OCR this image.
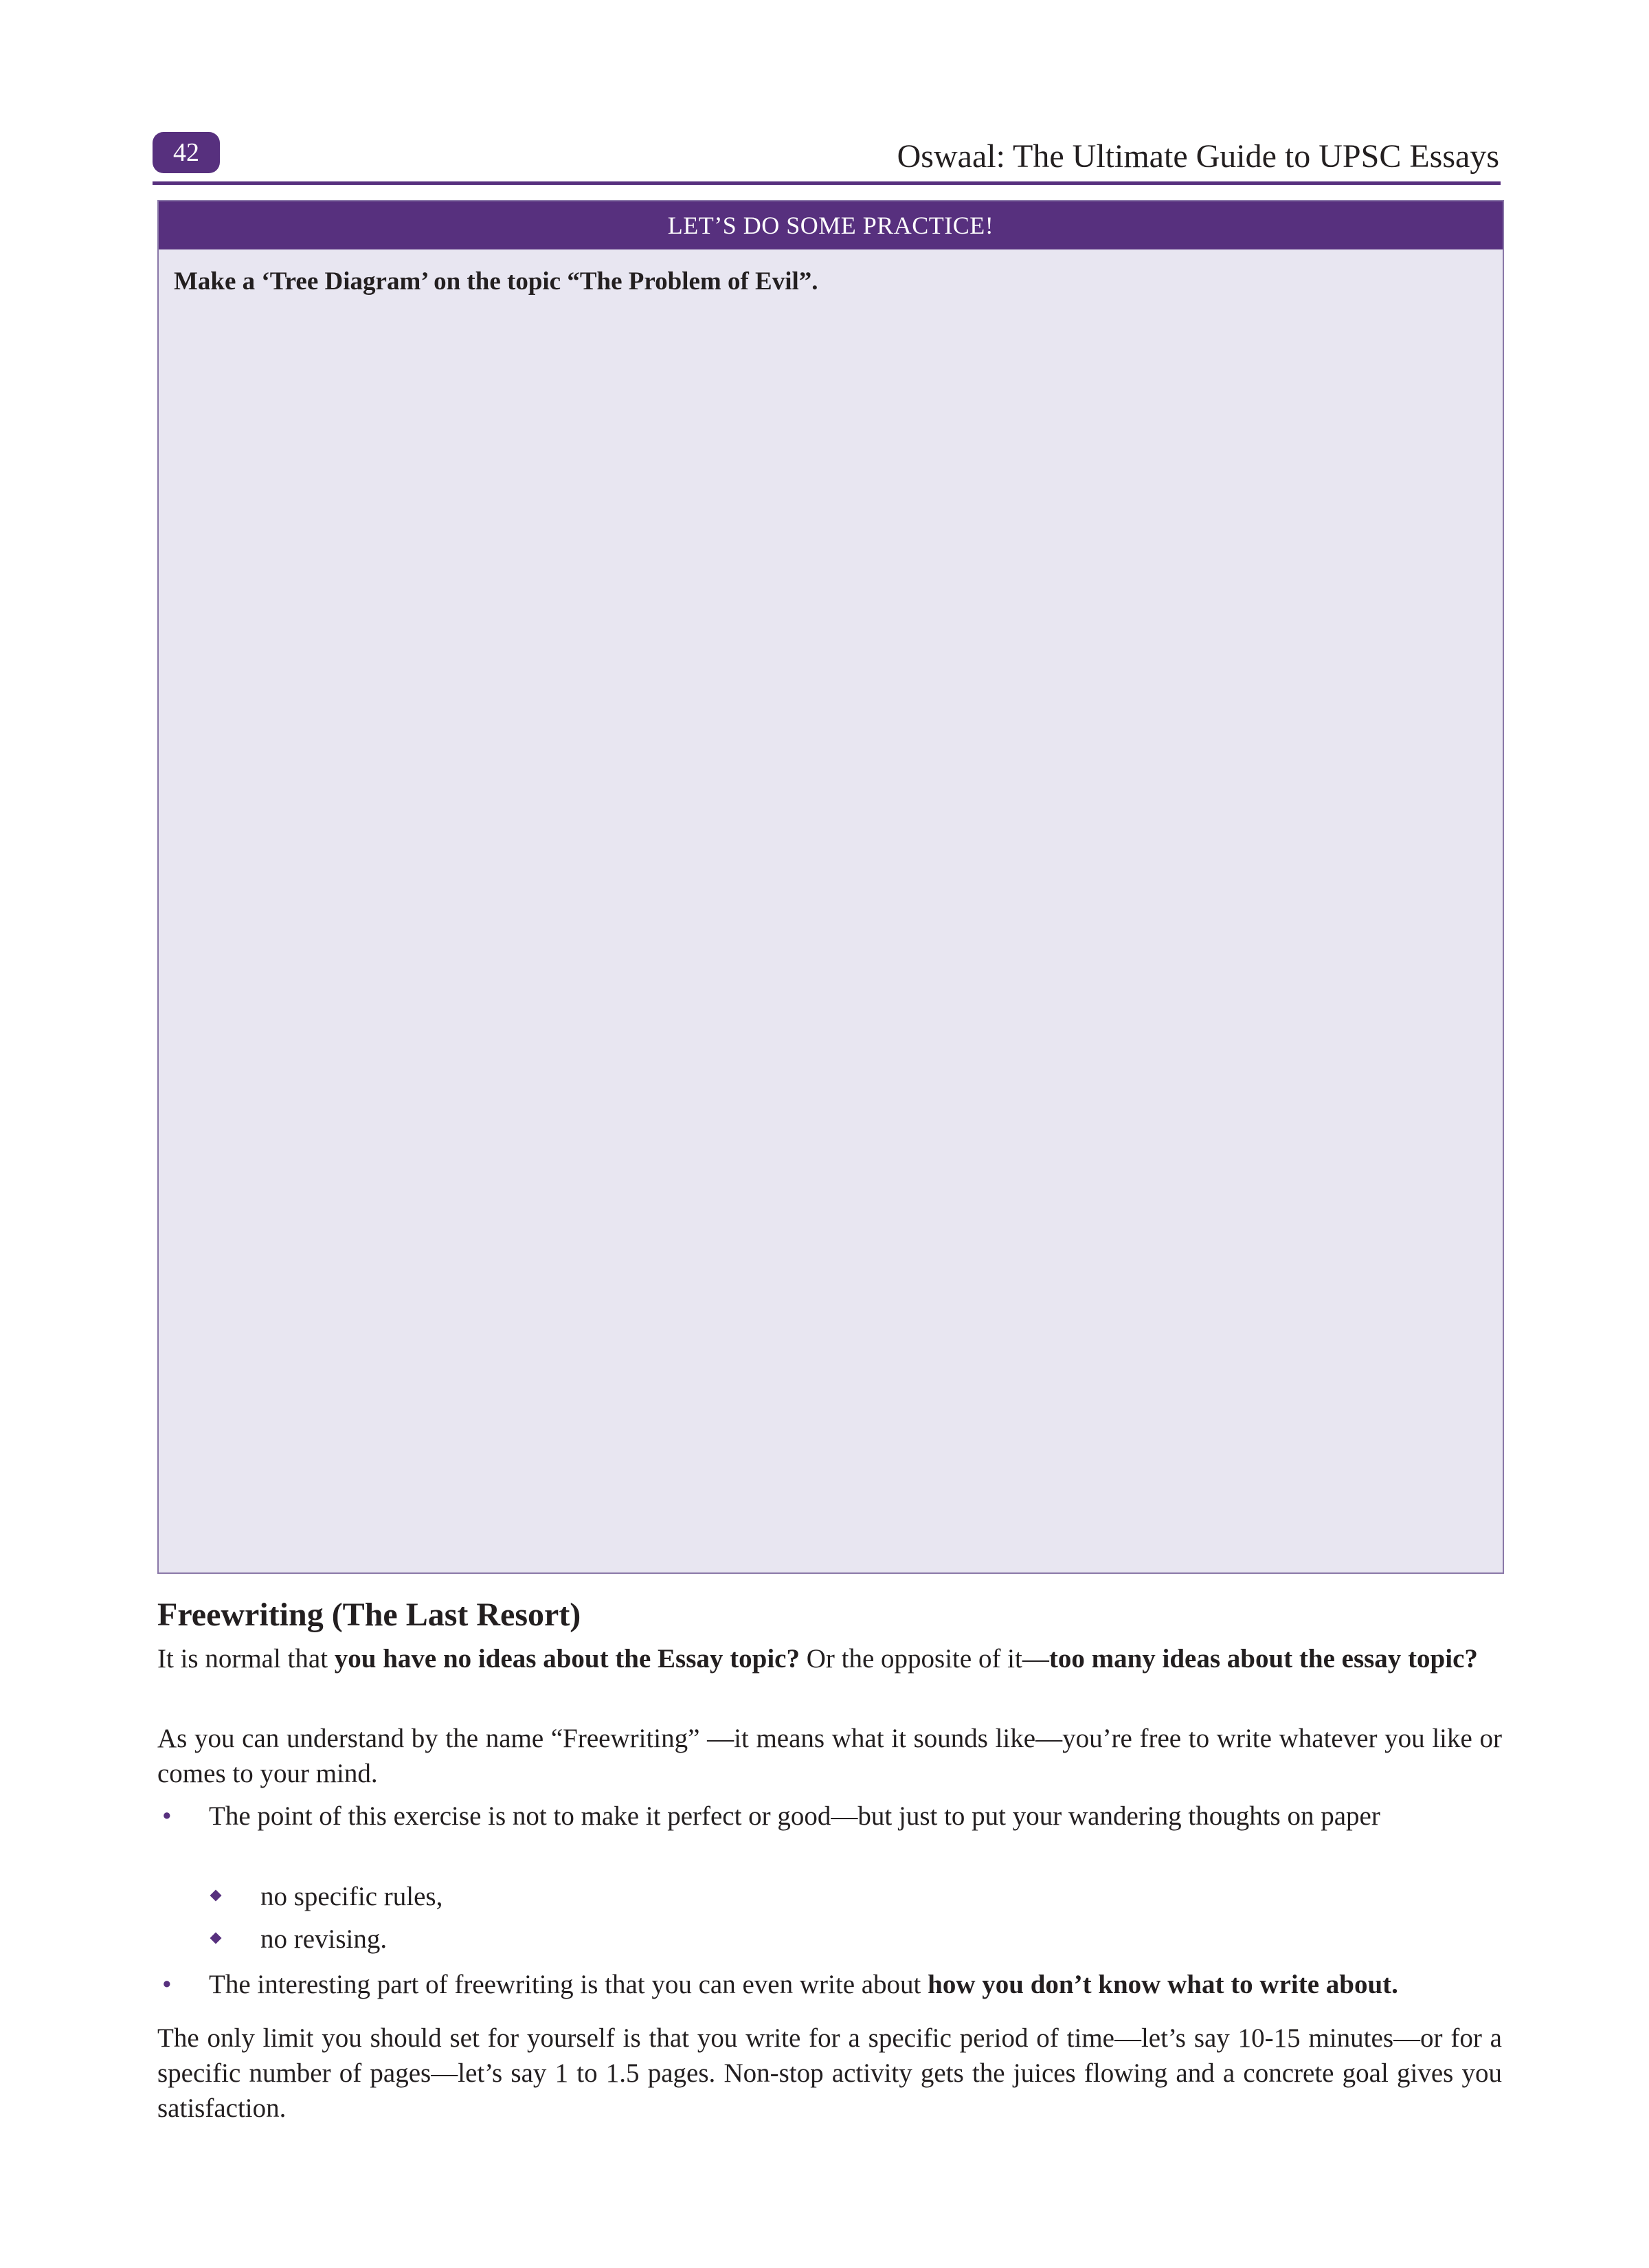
42	Oswaal: The Ultimate Guide to UPSC Essays
LET’S DO SOME PRACTICE!

Make a ‘Tree Diagram’ on the topic “The Problem of Evil”.

Freewriting (The Last Resort)

It is normal that you have no ideas about the Essay topic? Or the opposite of it—too many ideas about the essay topic?

As you can understand by the name “Freewriting” —it means what it sounds like—you’re free to write whatever you like or comes to your mind.

• The point of this exercise is not to make it perfect or good—but just to put your wandering thoughts on paper
no specific rules,
no revising.
• The interesting part of freewriting is that you can even write about how you don’t know what to write about.

The only limit you should set for yourself is that you write for a specific period of time—let’s say 10-15 minutes—or for a specific number of pages—let’s say 1 to 1.5 pages. Non-stop activity gets the juices flowing and a concrete goal gives you satisfaction.
